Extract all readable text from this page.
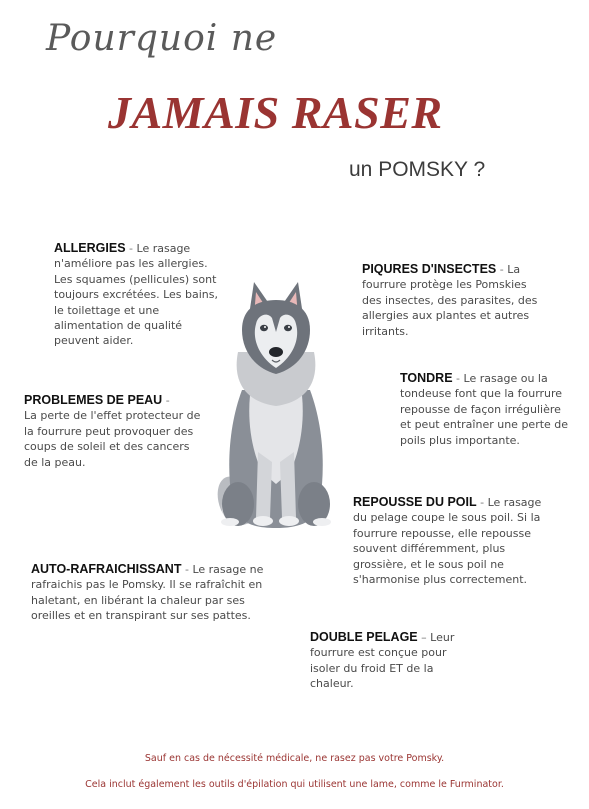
Pourquoi ne
JAMAIS RASER
un POMSKY ?
ALLERGIES - Le rasage n'améliore pas les allergies. Les squames (pellicules) sont toujours excrétées. Les bains, le toilettage et une alimentation de qualité peuvent aider.
PIQURES D'INSECTES - La fourrure protège les Pomskies des insectes, des parasites, des allergies aux plantes et autres irritants.
PROBLEMES DE PEAU -
La perte de l'effet protecteur de la fourrure peut provoquer des coups de soleil et des cancers de la peau.
TONDRE - Le rasage ou la tondeuse font que la fourrure repousse de façon irrégulière et peut entraîner une perte de poils plus importante.
REPOUSSE DU POIL - Le rasage du pelage coupe le sous poil. Si la fourrure repousse, elle repousse souvent différemment, plus grossière, et le sous poil ne s'harmonise plus correctement.
AUTO-RAFRAICHISSANT - Le rasage ne rafraichis pas le Pomsky. Il se rafraîchit en haletant, en libérant la chaleur par ses oreilles et en transpirant sur ses pattes.
DOUBLE PELAGE – Leur fourrure est conçue pour isoler du froid ET de la chaleur.
Sauf en cas de nécessité médicale, ne rasez pas votre Pomsky.
Cela inclut également les outils d'épilation qui utilisent une lame, comme le Furminator.
